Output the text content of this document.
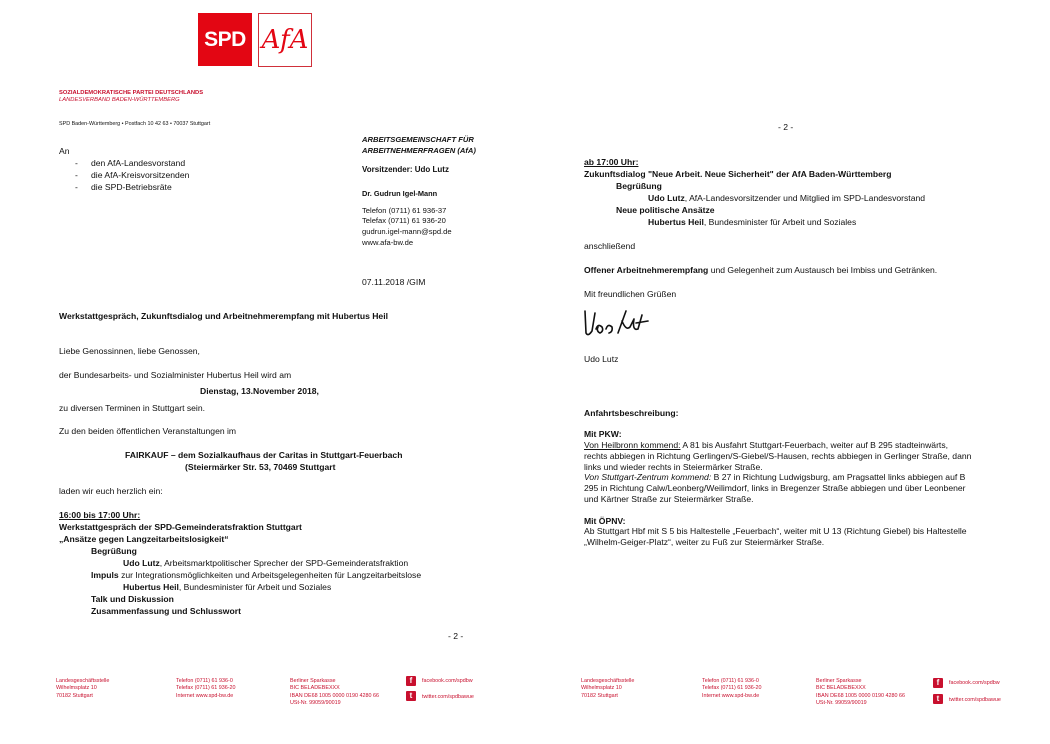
SPD AfA
SOZIALDEMOKRATISCHE PARTEI DEUTSCHLANDS
LANDESVERBAND BADEN-WÜRTTEMBERG
SPD Baden-Württemberg • Postfach 10 42 63 • 70037 Stuttgart
An
- den AfA-Landesvorstand
- die AfA-Kreisvorsitzenden
- die SPD-Betriebsräte
ARBEITSGEMEINSCHAFT FÜR
ARBEITNEHMERFRAGEN (AfA)
Vorsitzender: Udo Lutz
Dr. Gudrun Igel-Mann
Telefon (0711) 61 936-37
Telefax (0711) 61 936-20
gudrun.igel-mann@spd.de
www.afa-bw.de
07.11.2018 /GIM
Werkstattgespräch, Zukunftsdialog und Arbeitnehmerempfang mit Hubertus Heil
Liebe Genossinnen, liebe Genossen,
der Bundesarbeits- und Sozialminister Hubertus Heil wird am
Dienstag, 13.November 2018,
zu diversen Terminen in Stuttgart sein.
Zu den beiden öffentlichen Veranstaltungen im
FAIRKAUF – dem Sozialkaufhaus der Caritas in Stuttgart-Feuerbach
(Steiermärker Str. 53, 70469 Stuttgart
laden wir euch herzlich ein:
16:00 bis 17:00 Uhr:
Werkstattgespräch der SPD-Gemeinderatsfraktion Stuttgart
„Ansätze gegen Langzeitarbeitslosigkeit“
Begrüßung
Udo Lutz, Arbeitsmarktpolitischer Sprecher der SPD-Gemeinderatsfraktion
Impuls zur Integrationsmöglichkeiten und Arbeitsgelegenheiten für Langzeitarbeitslose
Hubertus Heil, Bundesminister für Arbeit und Soziales
Talk und Diskussion
Zusammenfassung und Schlusswort
- 2 -
Landesgeschäftsstelle
Wilhelmsplatz 10
70182 Stuttgart
Telefon (0711) 61 936-0
Telefax (0711) 61 936-20
Internet www.spd-bw.de
Berliner Sparkasse
BIC BELADEBEXXX
IBAN DE68 1005 0000 0190 4280 66
USt-Nr. 99059/90019
f	facebook.com/spdbw
t	twitter.com/spdbawue
- 2 -
ab 17:00 Uhr:
Zukunftsdialog "Neue Arbeit. Neue Sicherheit" der AfA Baden-Württemberg
Begrüßung
Udo Lutz, AfA-Landesvorsitzender und Mitglied im SPD-Landesvorstand
Neue politische Ansätze
Hubertus Heil, Bundesminister für Arbeit und Soziales
anschließend
Offener Arbeitnehmerempfang und Gelegenheit zum Austausch bei Imbiss und Getränken.
Mit freundlichen Grüßen
Udo Lutz
Anfahrtsbeschreibung:
Mit PKW:
Von Heilbronn kommend: A 81 bis Ausfahrt Stuttgart-Feuerbach, weiter auf B 295 stadteinwärts,
rechts abbiegen in Richtung Gerlingen/S-Giebel/S-Hausen, rechts abbiegen in Gerlinger Straße, dann
links und wieder rechts in Steiermärker Straße.
Von Stuttgart-Zentrum kommend: B 27 in Richtung Ludwigsburg, am Pragsattel links abbiegen auf B
295 in Richtung Calw/Leonberg/Weilimdorf, links in Bregenzer Straße abbiegen und über Leonbener
und Kärtner Straße zur Steiermärker Straße.
Mit ÖPNV:
Ab Stuttgart Hbf mit S 5 bis Haltestelle „Feuerbach“, weiter mit U 13 (Richtung Giebel) bis Haltestelle
„Wilhelm-Geiger-Platz“, weiter zu Fuß zur Steiermärker Straße.
Landesgeschäftsstelle
Wilhelmsplatz 10
70182 Stuttgart
Telefon (0711) 61 936-0
Telefax (0711) 61 936-20
Internet www.spd-bw.de
Berliner Sparkasse
BIC BELADEBEXXX
IBAN DE68 1005 0000 0190 4280 66
USt-Nr. 99059/90019
f	facebook.com/spdbw
t	twitter.com/spdbawue
